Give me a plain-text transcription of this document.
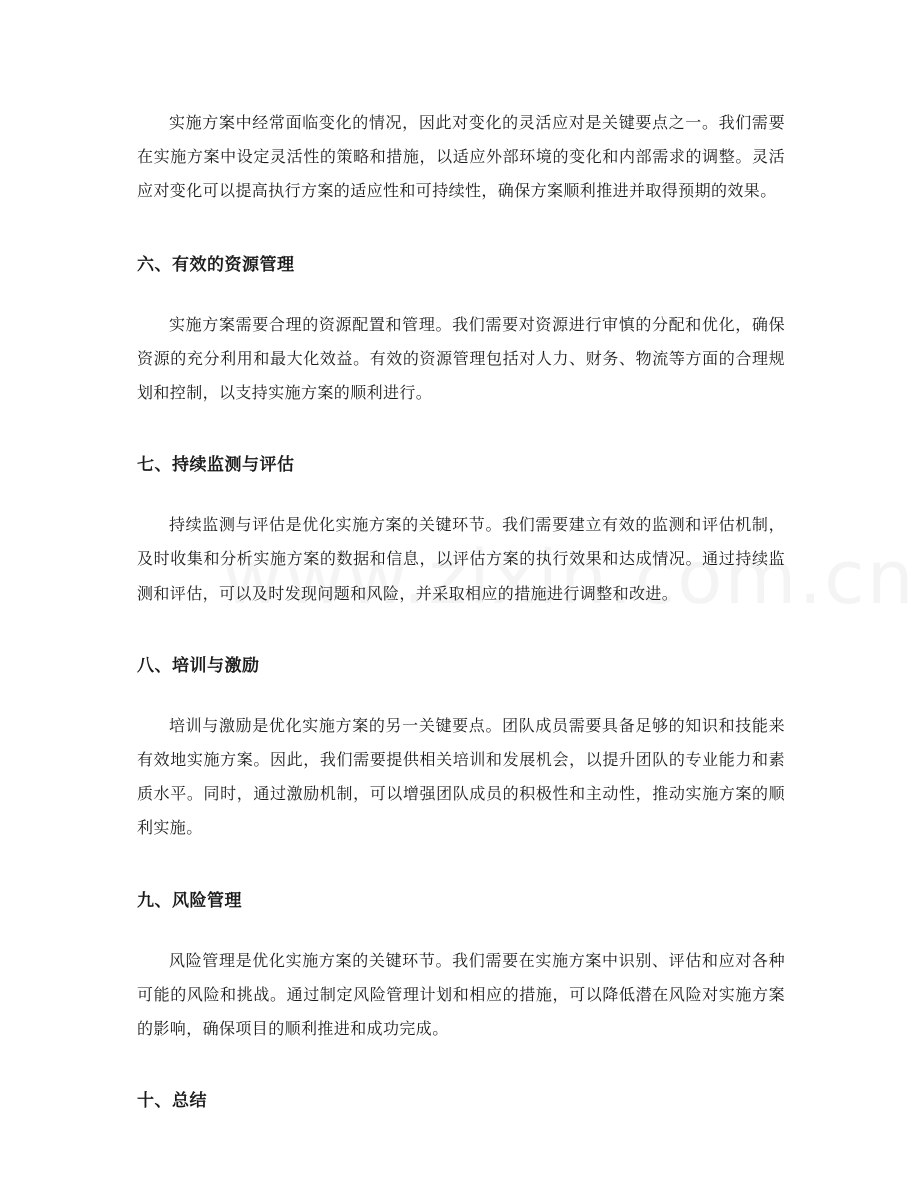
实施方案中经常面临变化的情况，因此对变化的灵活应对是关键要点之一。我们需要在实施方案中设定灵活性的策略和措施，以适应外部环境的变化和内部需求的调整。灵活应对变化可以提高执行方案的适应性和可持续性，确保方案顺利推进并取得预期的效果。

六、有效的资源管理

实施方案需要合理的资源配置和管理。我们需要对资源进行审慎的分配和优化，确保资源的充分利用和最大化效益。有效的资源管理包括对人力、财务、物流等方面的合理规划和控制，以支持实施方案的顺利进行。

七、持续监测与评估

持续监测与评估是优化实施方案的关键环节。我们需要建立有效的监测和评估机制，及时收集和分析实施方案的数据和信息，以评估方案的执行效果和达成情况。通过持续监测和评估，可以及时发现问题和风险，并采取相应的措施进行调整和改进。

八、培训与激励

培训与激励是优化实施方案的另一关键要点。团队成员需要具备足够的知识和技能来有效地实施方案。因此，我们需要提供相关培训和发展机会，以提升团队的专业能力和素质水平。同时，通过激励机制，可以增强团队成员的积极性和主动性，推动实施方案的顺利实施。

九、风险管理

风险管理是优化实施方案的关键环节。我们需要在实施方案中识别、评估和应对各种可能的风险和挑战。通过制定风险管理计划和相应的措施，可以降低潜在风险对实施方案的影响，确保项目的顺利推进和成功完成。

十、总结
